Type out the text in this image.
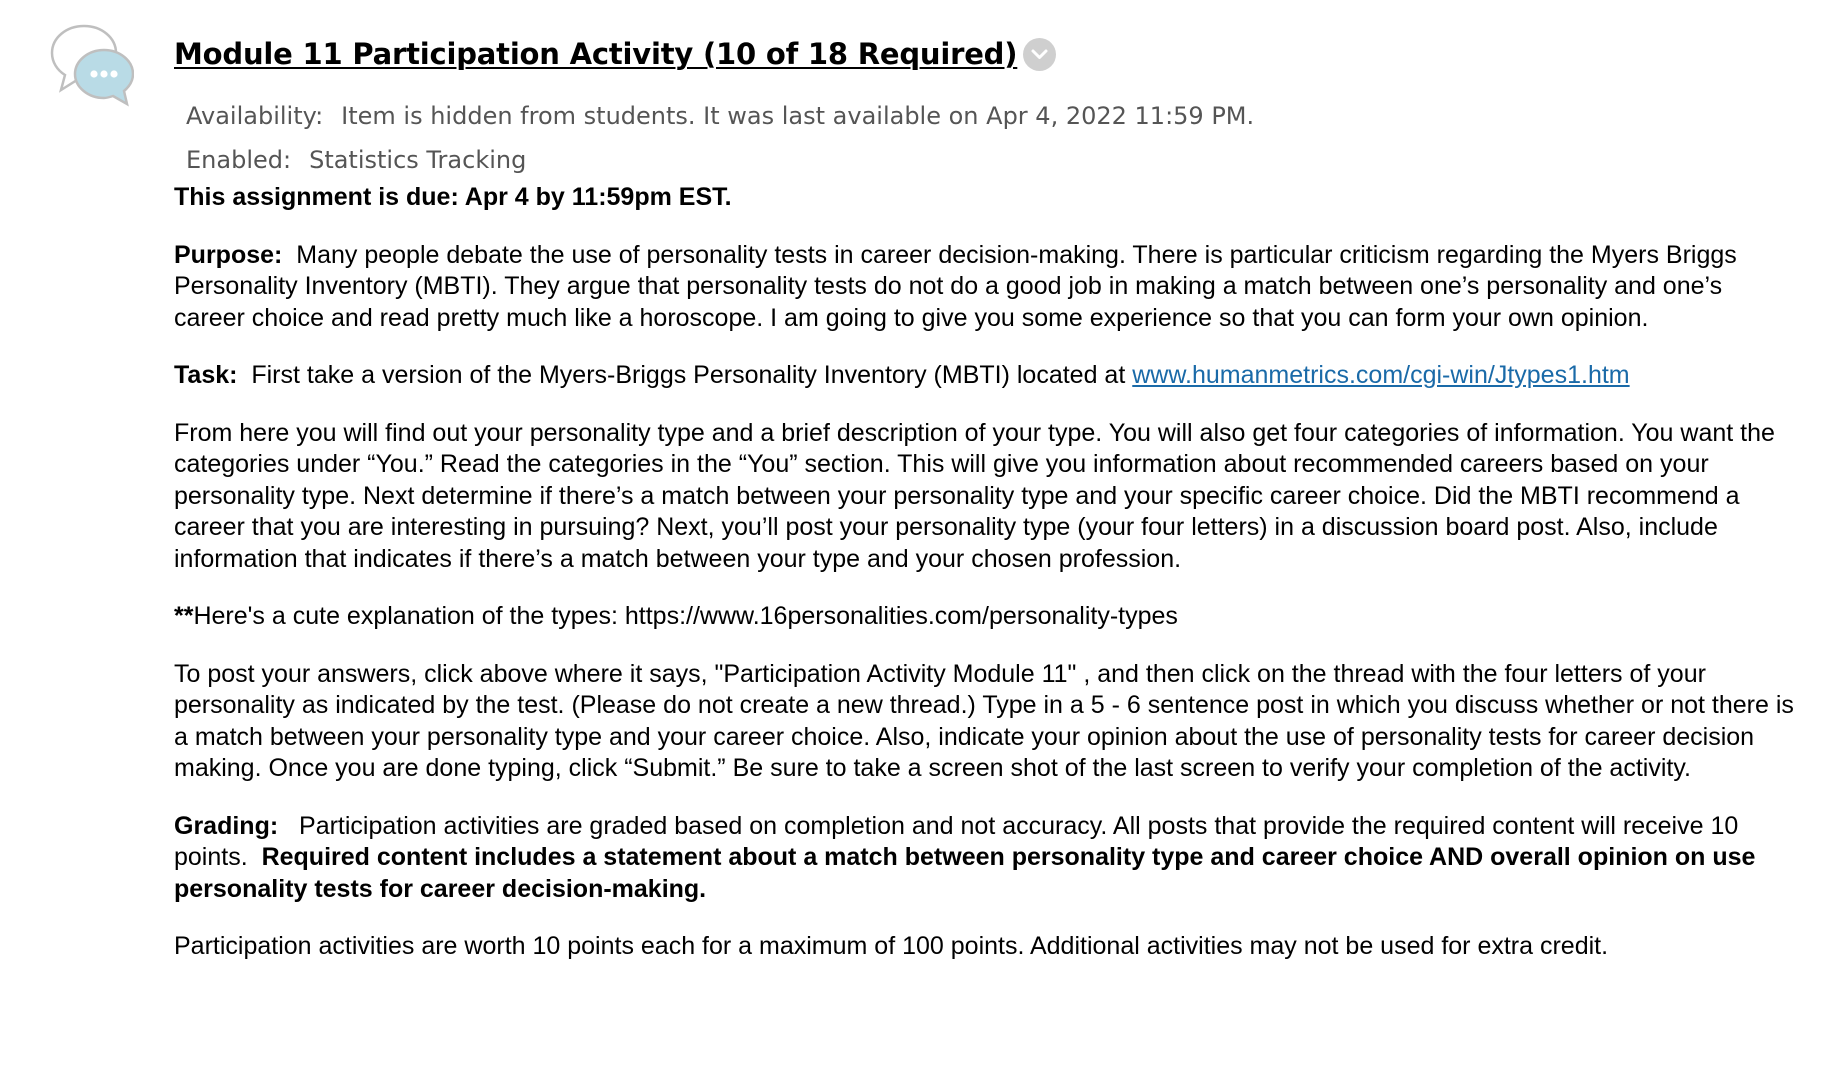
Module 11 Participation Activity (10 of 18 Required)
Availability: Item is hidden from students. It was last available on Apr 4, 2022 11:59 PM.
Enabled: Statistics Tracking

This assignment is due: Apr 4 by 11:59pm EST.

Purpose: Many people debate the use of personality tests in career decision-making. There is particular criticism regarding the Myers Briggs Personality Inventory (MBTI). They argue that personality tests do not do a good job in making a match between one’s personality and one’s career choice and read pretty much like a horoscope. I am going to give you some experience so that you can form your own opinion.

Task: First take a version of the Myers-Briggs Personality Inventory (MBTI) located at www.humanmetrics.com/cgi-win/Jtypes1.htm

From here you will find out your personality type and a brief description of your type. You will also get four categories of information. You want the categories under “You.” Read the categories in the “You” section. This will give you information about recommended careers based on your personality type. Next determine if there’s a match between your personality type and your specific career choice. Did the MBTI recommend a career that you are interesting in pursuing? Next, you’ll post your personality type (your four letters) in a discussion board post. Also, include information that indicates if there’s a match between your type and your chosen profession.

**Here's a cute explanation of the types: https://www.16personalities.com/personality-types

To post your answers, click above where it says, "Participation Activity Module 11" , and then click on the thread with the four letters of your personality as indicated by the test. (Please do not create a new thread.) Type in a 5 - 6 sentence post in which you discuss whether or not there is a match between your personality type and your career choice. Also, indicate your opinion about the use of personality tests for career decision making. Once you are done typing, click “Submit.” Be sure to take a screen shot of the last screen to verify your completion of the activity.

Grading: Participation activities are graded based on completion and not accuracy. All posts that provide the required content will receive 10 points. Required content includes a statement about a match between personality type and career choice AND overall opinion on use personality tests for career decision-making.

Participation activities are worth 10 points each for a maximum of 100 points. Additional activities may not be used for extra credit.
